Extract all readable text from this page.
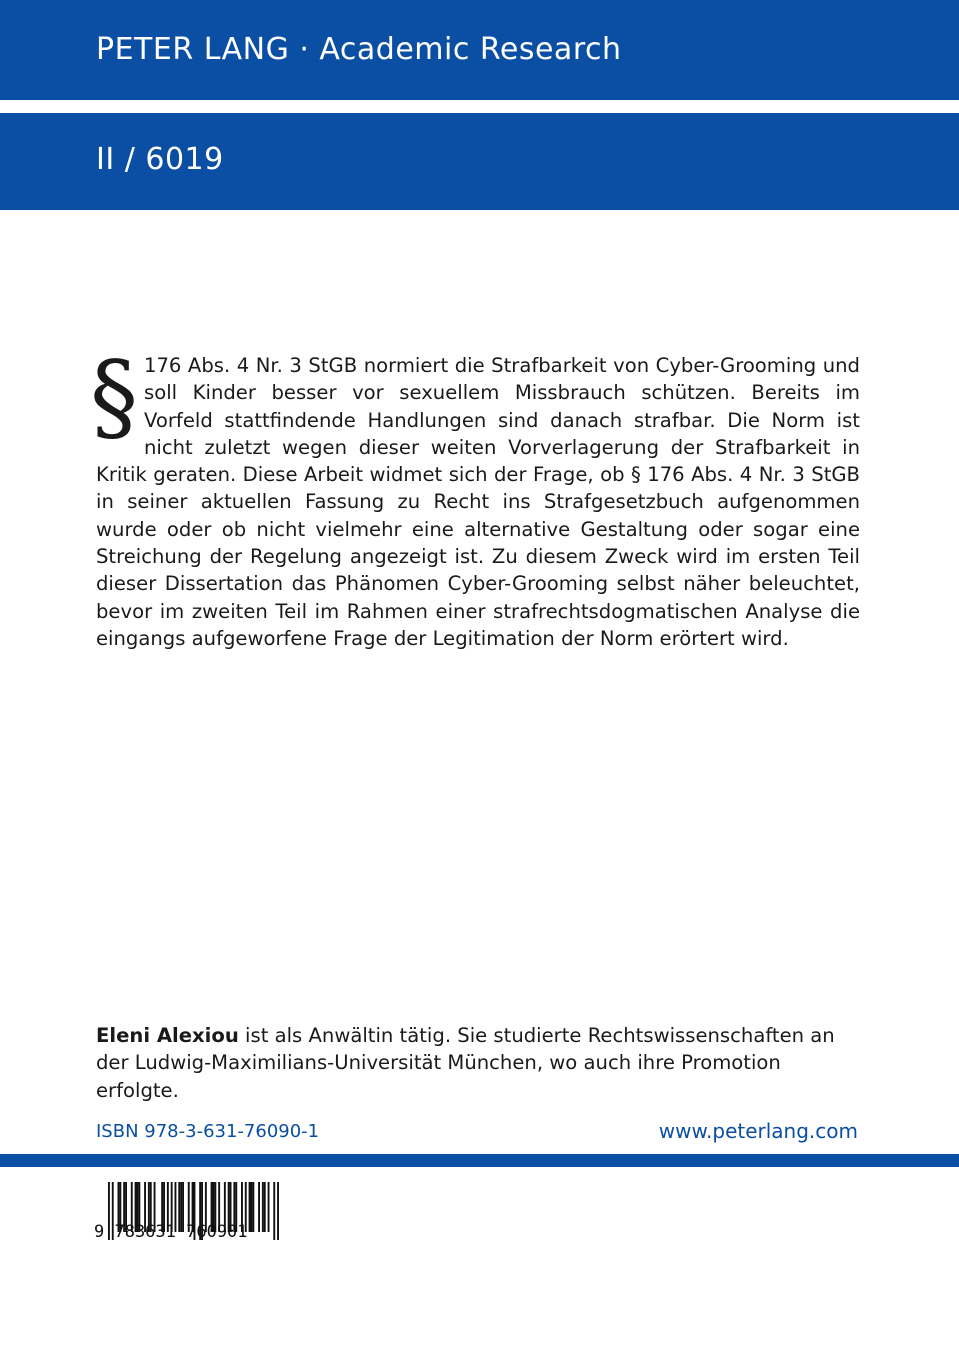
PETER LANG · Academic Research
II / 6019
§ 176 Abs. 4 Nr. 3 StGB normiert die Strafbarkeit von Cyber-Grooming und soll Kinder besser vor sexuellem Missbrauch schützen. Bereits im Vorfeld stattfindende Handlungen sind danach strafbar. Die Norm ist nicht zuletzt wegen dieser weiten Vorverlagerung der Strafbarkeit in Kritik geraten. Diese Arbeit widmet sich der Frage, ob § 176 Abs. 4 Nr. 3 StGB in seiner aktuellen Fassung zu Recht ins Strafgesetzbuch aufgenommen wurde oder ob nicht vielmehr eine alternative Gestaltung oder sogar eine Streichung der Regelung angezeigt ist. Zu diesem Zweck wird im ersten Teil dieser Dissertation das Phänomen Cyber-Grooming selbst näher beleuchtet, bevor im zweiten Teil im Rahmen einer strafrechtsdogmatischen Analyse die eingangs aufgeworfene Frage der Legitimation der Norm erörtert wird.

Eleni Alexiou ist als Anwältin tätig. Sie studierte Rechtswissenschaften an der Ludwig-Maximilians-Universität München, wo auch ihre Promotion erfolgte.

ISBN 978-3-631-76090-1	www.peterlang.com
9 783631 760901
